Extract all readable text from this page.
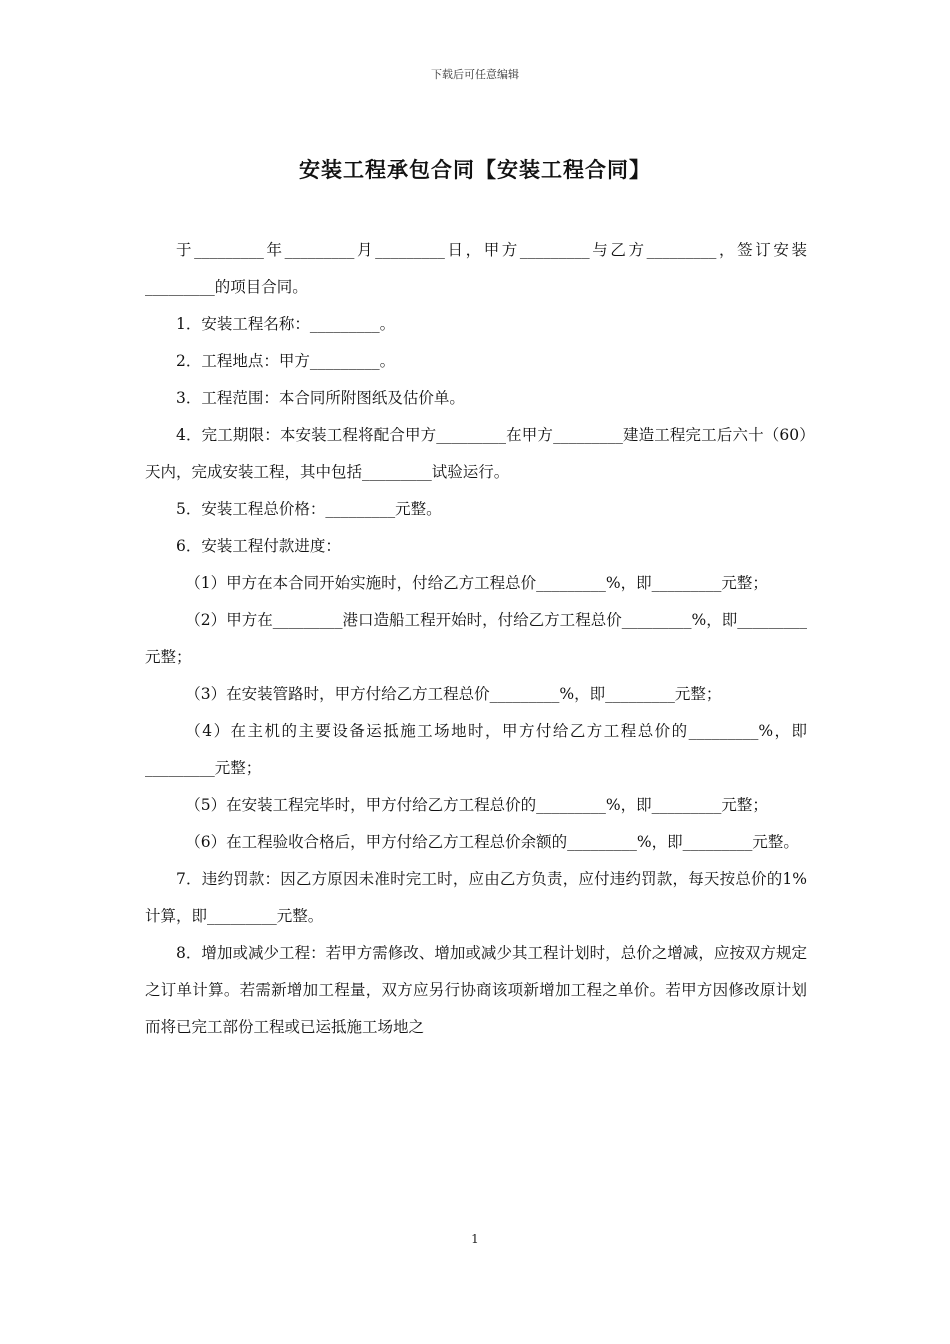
下载后可任意编辑
安装工程承包合同【安装工程合同】

于_________年_________月_________日，甲方_________与乙方_________，签订安装_________的项目合同。

1．安装工程名称：_________。

2．工程地点：甲方_________。

3．工程范围：本合同所附图纸及估价单。

4．完工期限：本安装工程将配合甲方_________在甲方_________建造工程完工后六十（60）天内，完成安装工程，其中包括_________试验运行。

5．安装工程总价格：_________元整。

6．安装工程付款进度：

（1）甲方在本合同开始实施时，付给乙方工程总价_________%，即_________元整；

（2）甲方在_________港口造船工程开始时，付给乙方工程总价_________%，即_________元整；

（3）在安装管路时，甲方付给乙方工程总价_________%，即_________元整；

（4）在主机的主要设备运抵施工场地时，甲方付给乙方工程总价的_________%，即_________元整；

（5）在安装工程完毕时，甲方付给乙方工程总价的_________%，即_________元整；

（6）在工程验收合格后，甲方付给乙方工程总价余额的_________%，即_________元整。

7．违约罚款：因乙方原因未准时完工时，应由乙方负责，应付违约罚款，每天按总价的1%计算，即_________元整。

8．增加或减少工程：若甲方需修改、增加或减少其工程计划时，总价之增减，应按双方规定之订单计算。若需新增加工程量，双方应另行协商该项新增加工程之单价。若甲方因修改原计划而将已完工部份工程或已运抵施工场地之

1
